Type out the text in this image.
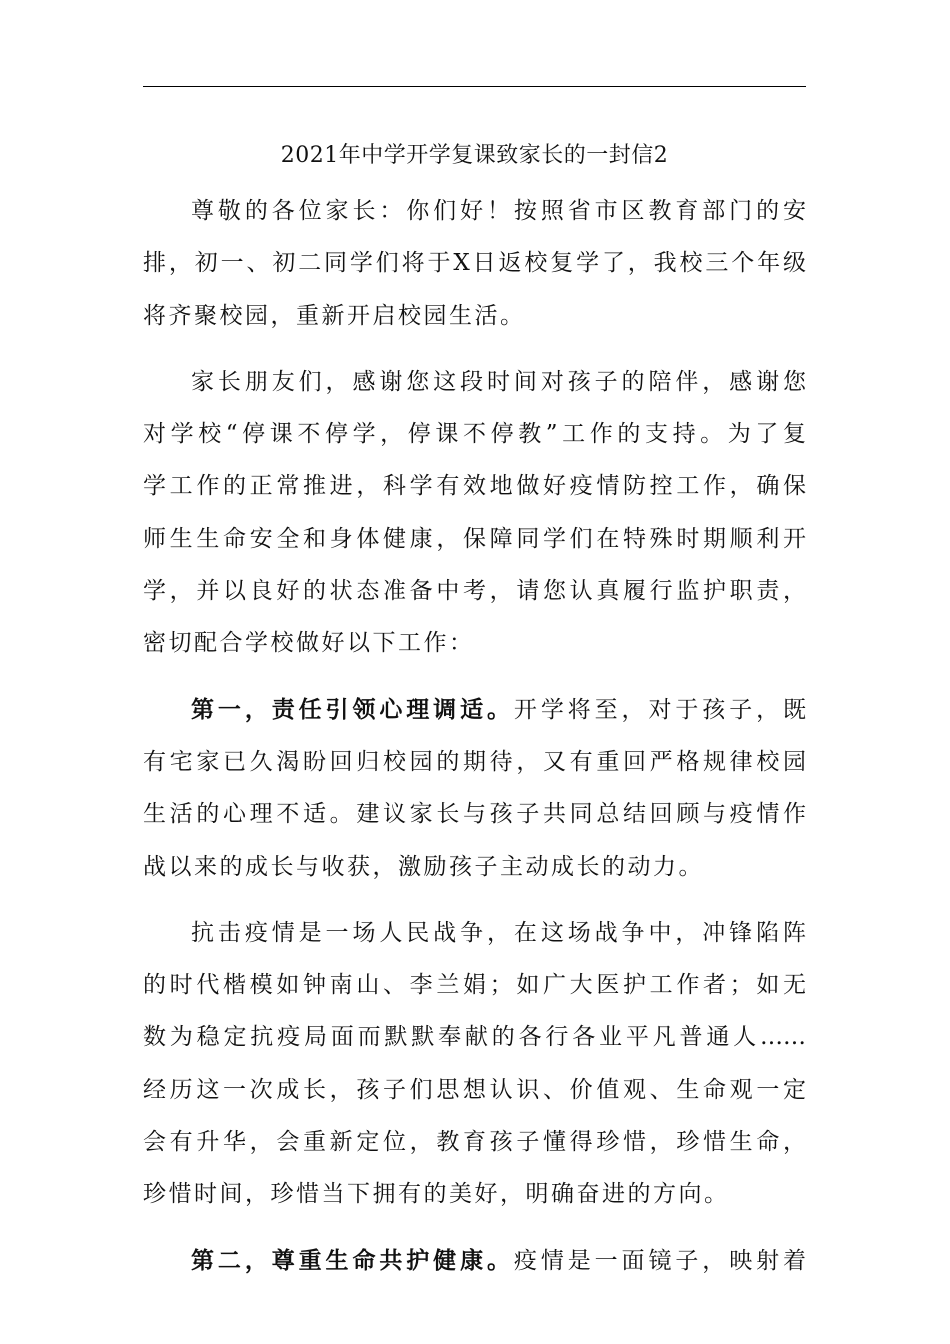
2021年中学开学复课致家长的一封信2
尊敬的各位家长：你们好！按照省市区教育部门的安
排，初一、初二同学们将于X日返校复学了，我校三个年级
将齐聚校园，重新开启校园生活。
家长朋友们，感谢您这段时间对孩子的陪伴，感谢您
对学校“停课不停学，停课不停教”工作的支持。为了复
学工作的正常推进，科学有效地做好疫情防控工作，确保
师生生命安全和身体健康，保障同学们在特殊时期顺利开
学，并以良好的状态准备中考，请您认真履行监护职责，
密切配合学校做好以下工作：
第一，责任引领心理调适。开学将至，对于孩子，既
有宅家已久渴盼回归校园的期待，又有重回严格规律校园
生活的心理不适。建议家长与孩子共同总结回顾与疫情作
战以来的成长与收获，激励孩子主动成长的动力。
抗击疫情是一场人民战争，在这场战争中，冲锋陷阵
的时代楷模如钟南山、李兰娟；如广大医护工作者；如无
数为稳定抗疫局面而默默奉献的各行各业平凡普通人……
经历这一次成长，孩子们思想认识、价值观、生命观一定
会有升华，会重新定位，教育孩子懂得珍惜，珍惜生命，
珍惜时间，珍惜当下拥有的美好，明确奋进的方向。
第二，尊重生命共护健康。疫情是一面镜子，映射着
